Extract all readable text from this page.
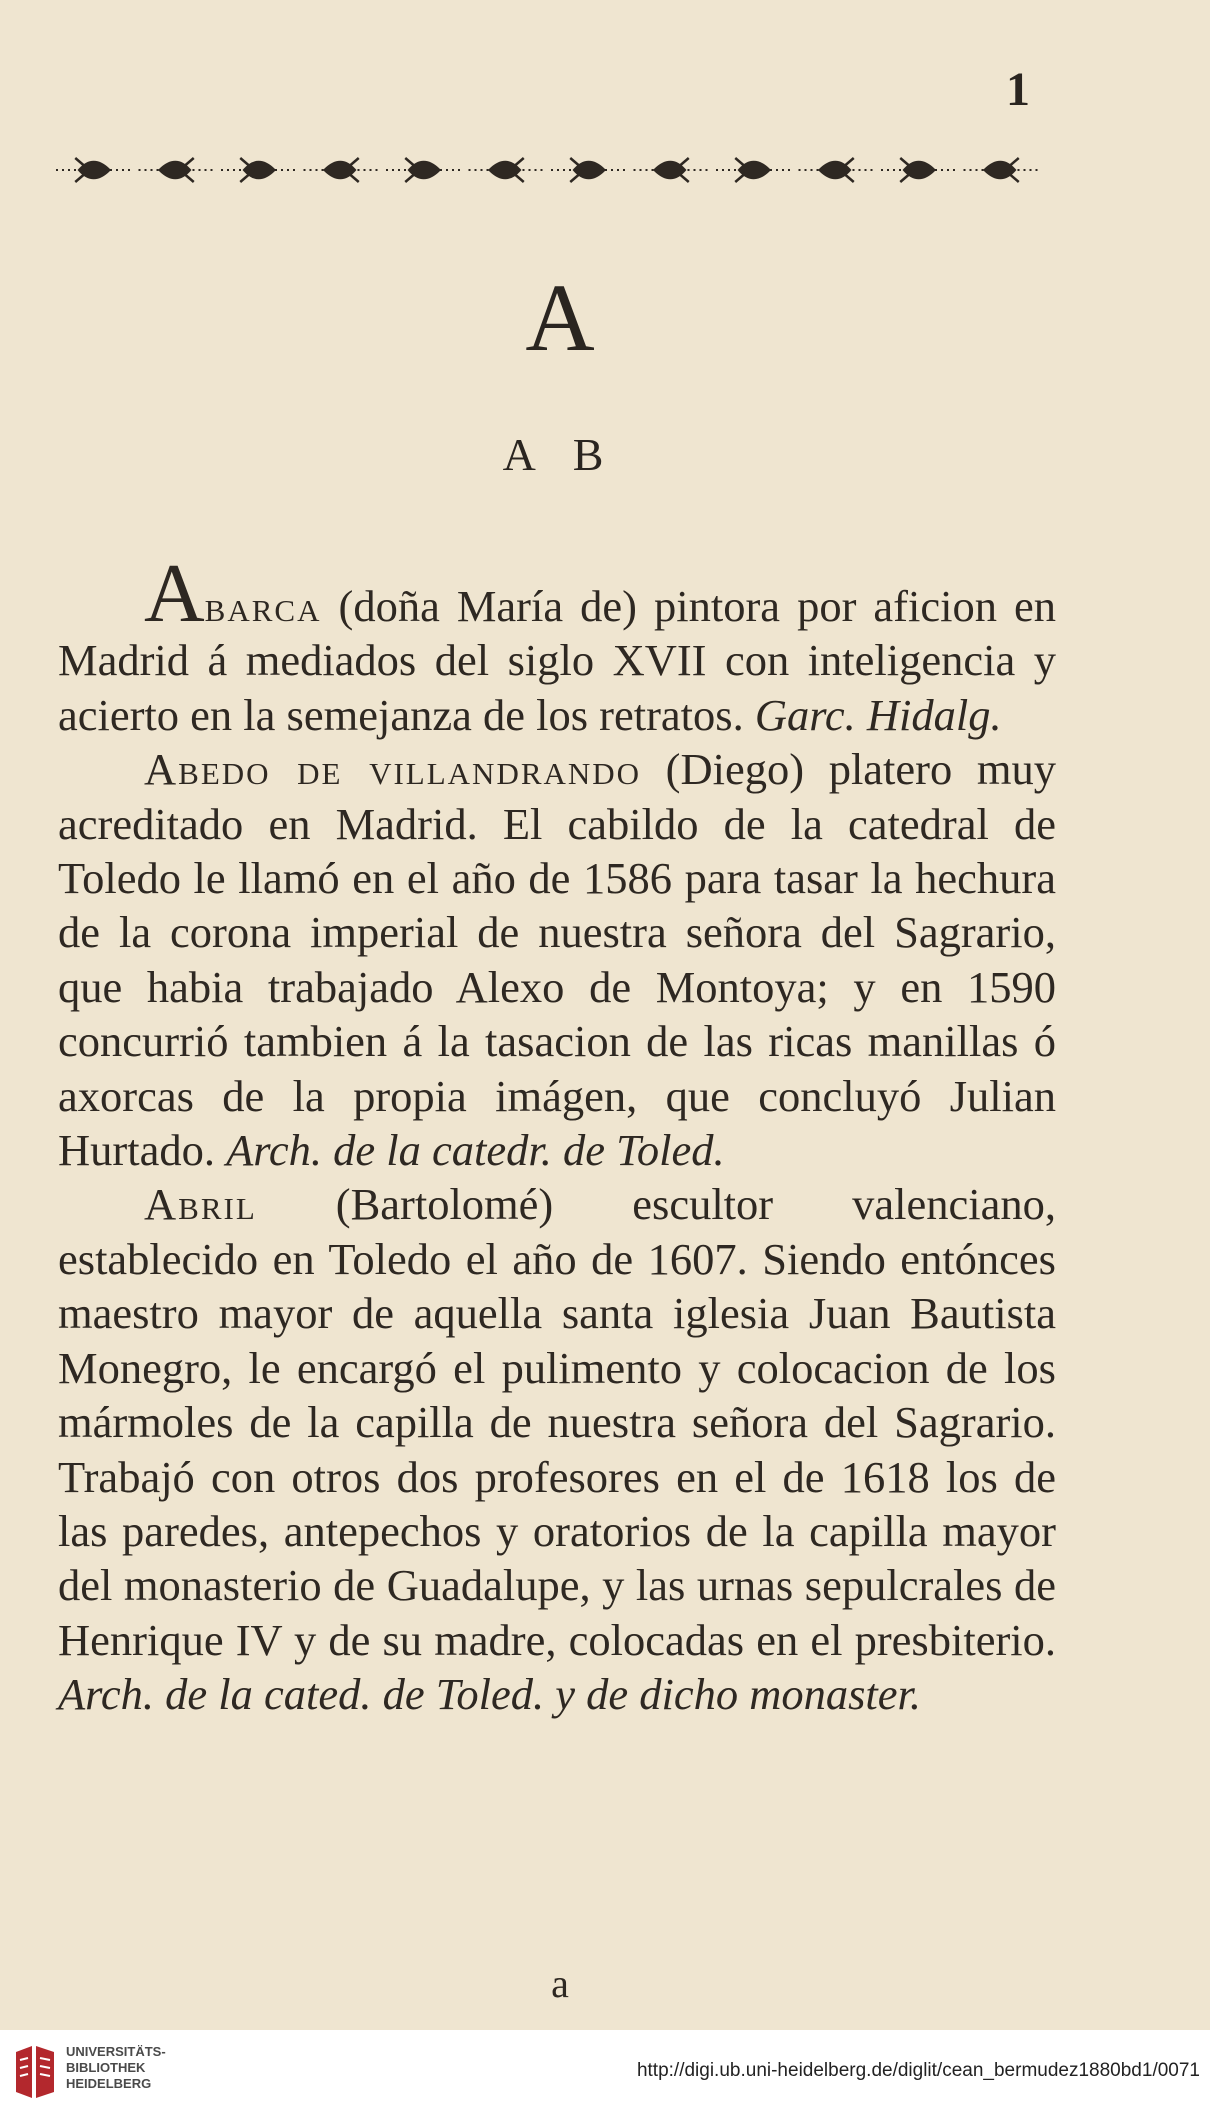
1
A
A B

Abarca (doña María de) pintora por aficion en Madrid á mediados del siglo XVII con inteligencia y acierto en la semejanza de los retratos. Garc. Hidalg.

Abedo de villandrando (Diego) platero muy acreditado en Madrid. El cabildo de la catedral de Toledo le llamó en el año de 1586 para tasar la hechura de la corona imperial de nuestra señora del Sagrario, que habia trabajado Alexo de Montoya; y en 1590 concurrió tambien á la tasacion de las ricas manillas ó axorcas de la propia imágen, que concluyó Julian Hurtado. Arch. de la catedr. de Toled.

Abril (Bartolomé) escultor valenciano, establecido en Toledo el año de 1607. Siendo entónces maestro mayor de aquella santa iglesia Juan Bautista Monegro, le encargó el pulimento y colocacion de los mármoles de la capilla de nuestra señora del Sagrario. Trabajó con otros dos profesores en el de 1618 los de las paredes, antepechos y oratorios de la capilla mayor del monasterio de Guadalupe, y las urnas sepulcrales de Henrique IV y de su madre, colocadas en el presbiterio. Arch. de la cated. de Toled. y de dicho monaster.

a
UNIVERSITÄTS-
BIBLIOTHEK
HEIDELBERG
http://digi.ub.uni-heidelberg.de/diglit/cean_bermudez1880bd1/0071
